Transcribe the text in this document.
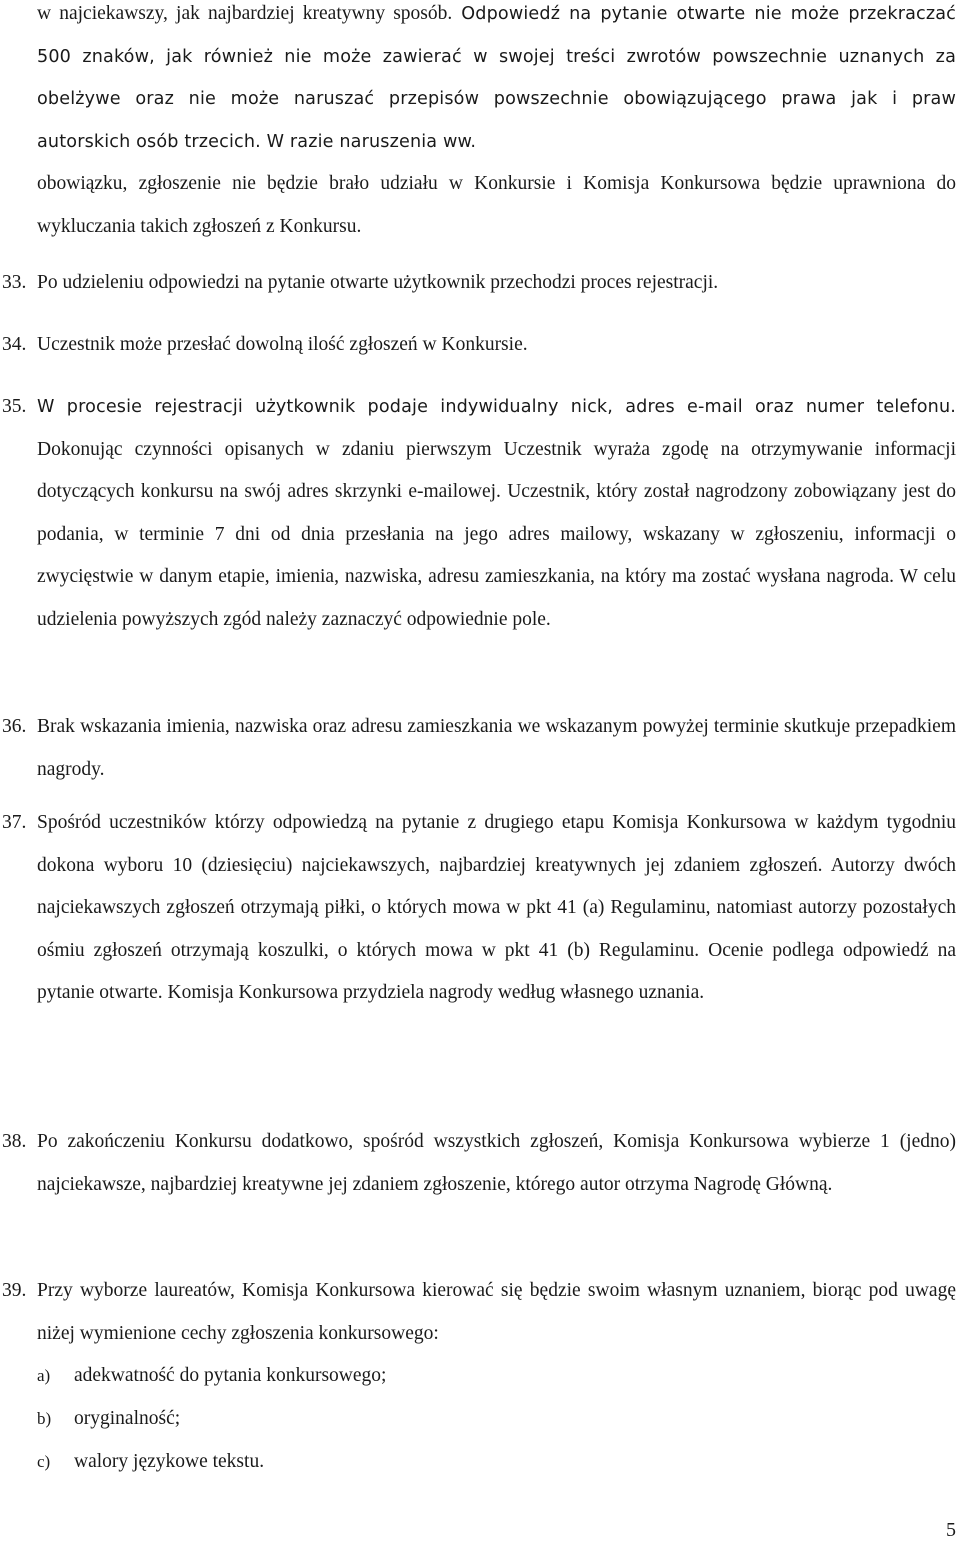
w najciekawszy, jak najbardziej kreatywny sposób. Odpowiedź na pytanie otwarte nie może przekraczać 500 znaków, jak również nie może zawierać w swojej treści zwrotów powszechnie uznanych za obelżywe oraz nie może naruszać przepisów powszechnie obowiązującego prawa jak i praw autorskich osób trzecich. W razie naruszenia ww.
obowiązku, zgłoszenie nie będzie brało udziału w Konkursie i Komisja Konkursowa będzie uprawniona do wykluczania takich zgłoszeń z Konkursu.
33. Po udzieleniu odpowiedzi na pytanie otwarte użytkownik przechodzi proces rejestracji.
34. Uczestnik może przesłać dowolną ilość zgłoszeń w Konkursie.
35. W procesie rejestracji użytkownik podaje indywidualny nick, adres e-mail oraz numer telefonu. Dokonując czynności opisanych w zdaniu pierwszym Uczestnik wyraża zgodę na otrzymywanie informacji dotyczących konkursu na swój adres skrzynki e-mailowej. Uczestnik, który został nagrodzony zobowiązany jest do podania, w terminie 7 dni od dnia przesłania na jego adres mailowy, wskazany w zgłoszeniu, informacji o zwycięstwie w danym etapie, imienia, nazwiska, adresu zamieszkania, na który ma zostać wysłana nagroda. W celu udzielenia powyższych zgód należy zaznaczyć odpowiednie pole.
36. Brak wskazania imienia, nazwiska oraz adresu zamieszkania we wskazanym powyżej terminie skutkuje przepadkiem nagrody.
37. Spośród uczestników którzy odpowiedzą na pytanie z drugiego etapu Komisja Konkursowa w każdym tygodniu dokona wyboru 10 (dziesięciu) najciekawszych, najbardziej kreatywnych jej zdaniem zgłoszeń. Autorzy dwóch najciekawszych zgłoszeń otrzymają piłki, o których mowa w pkt 41 (a) Regulaminu, natomiast autorzy pozostałych ośmiu zgłoszeń otrzymają koszulki, o których mowa w pkt 41 (b) Regulaminu. Ocenie podlega odpowiedź na pytanie otwarte. Komisja Konkursowa przydziela nagrody według własnego uznania.
38. Po zakończeniu Konkursu dodatkowo, spośród wszystkich zgłoszeń, Komisja Konkursowa wybierze 1 (jedno) najciekawsze, najbardziej kreatywne jej zdaniem zgłoszenie, którego autor otrzyma Nagrodę Główną.
39. Przy wyborze laureatów, Komisja Konkursowa kierować się będzie swoim własnym uznaniem, biorąc pod uwagę niżej wymienione cechy zgłoszenia konkursowego:
a) adekwatność do pytania konkursowego;
b) oryginalność;
c) walory językowe tekstu.
5
